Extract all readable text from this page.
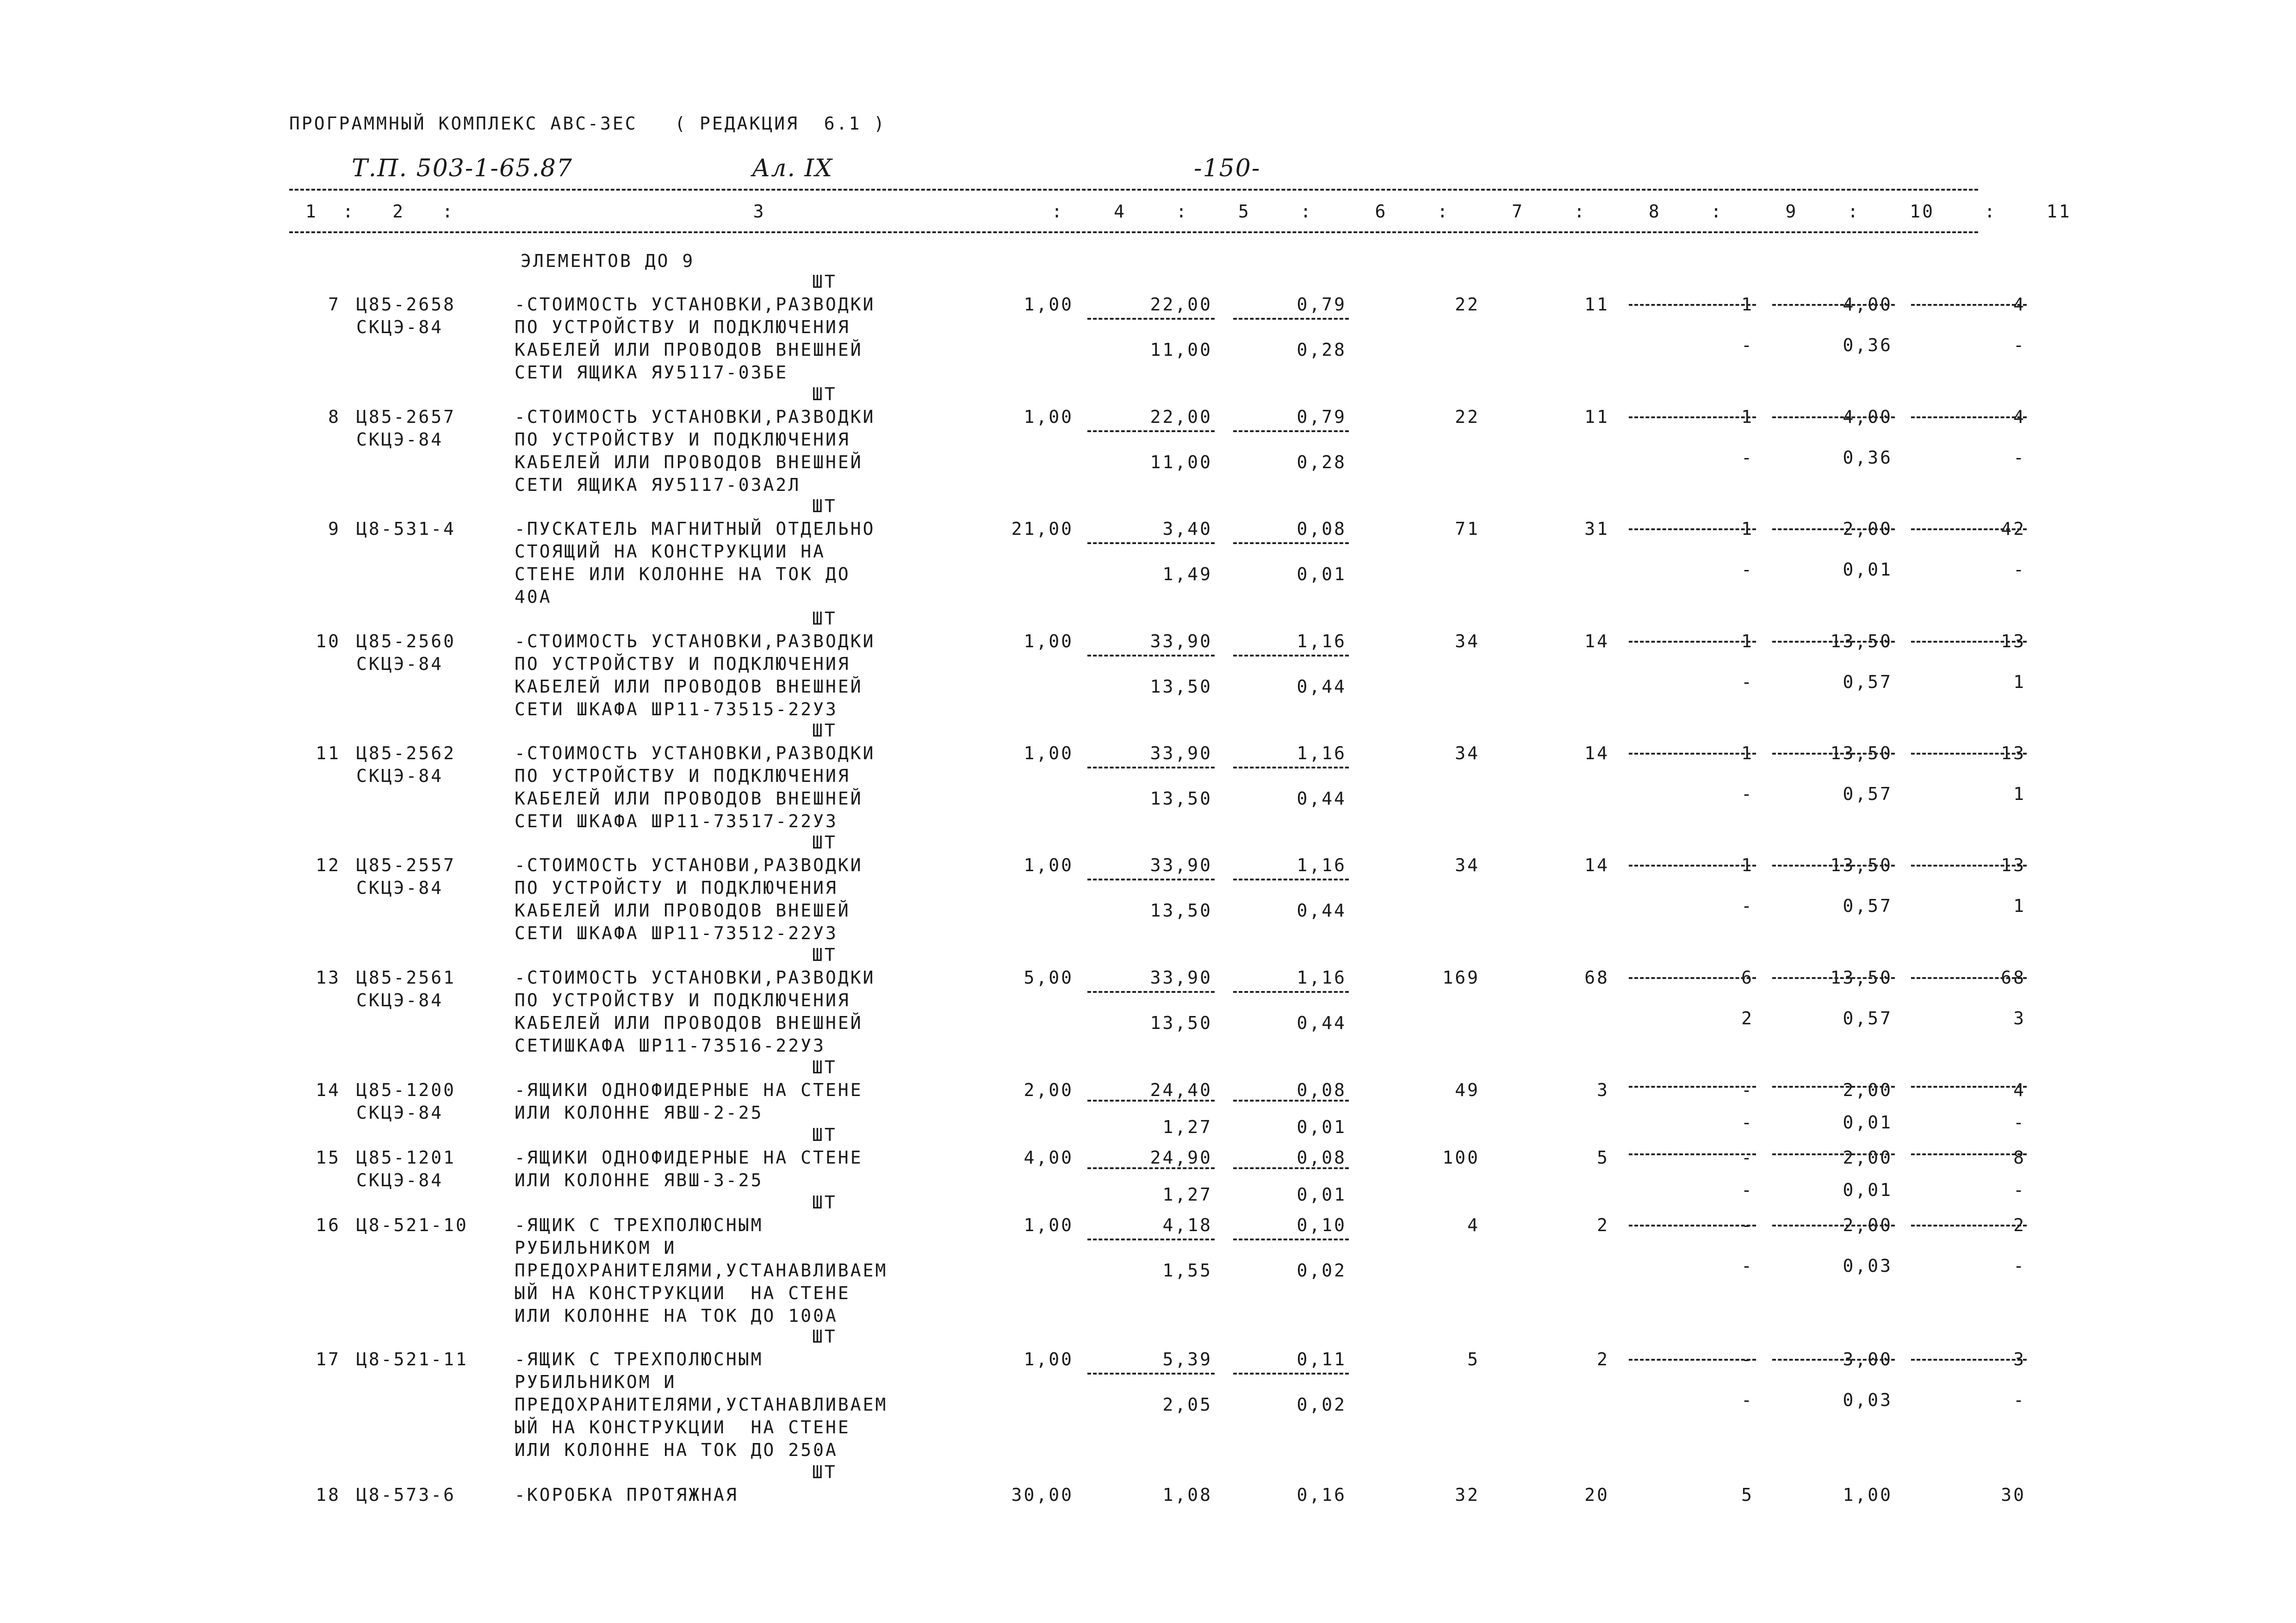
ПРОГРАММНЫЙ КОМПЛЕКС АВС-ЗЕС   ( РЕДАКЦИЯ  6.1 )
Т.П. 503-1-65.87	Ал. IX	-150-
1  :   2   :                        3                       :    4    :    5    :     6    :     7    :     8    :     9    :    10    :    11
ЭЛЕМЕНТОВ ДО 9
ШТ
7 Ц85-2658
СКЦЭ-84
-СТОИМОСТЬ УСТАНОВКИ,РАЗВОДКИ
ПО УСТРОЙСТВУ И ПОДКЛЮЧЕНИЯ
КАБЕЛЕЙ ИЛИ ПРОВОДОВ ВНЕШНЕЙ
СЕТИ ЯЩИКА ЯУ5117-03БЕ
1,00	22,00	0,79	22	11	1	4,00	4
11,00	0,28	-	0,36	-
ШТ
8 Ц85-2657
СКЦЭ-84
-СТОИМОСТЬ УСТАНОВКИ,РАЗВОДКИ
ПО УСТРОЙСТВУ И ПОДКЛЮЧЕНИЯ
КАБЕЛЕЙ ИЛИ ПРОВОДОВ ВНЕШНЕЙ
СЕТИ ЯЩИКА ЯУ5117-03А2Л
1,00	22,00	0,79	22	11	1	4,00	4
11,00	0,28	-	0,36	-
ШТ
9 Ц8-531-4	-ПУСКАТЕЛЬ МАГНИТНЫЙ ОТДЕЛЬНО
СТОЯЩИЙ НА КОНСТРУКЦИИ НА
СТЕНЕ ИЛИ КОЛОННЕ НА ТОК ДО
40А
21,00	3,40	0,08	71	31	1	2,00	42
1,49	0,01	-	0,01	-
ШТ
10 Ц85-2560
СКЦЭ-84
-СТОИМОСТЬ УСТАНОВКИ,РАЗВОДКИ
ПО УСТРОЙСТВУ И ПОДКЛЮЧЕНИЯ
КАБЕЛЕЙ ИЛИ ПРОВОДОВ ВНЕШНЕЙ
СЕТИ ШКАФА ШР11-73515-22У3
1,00	33,90	1,16	34	14	1	13,50	13
13,50	0,44	-	0,57	1
ШТ
11 Ц85-2562
СКЦЭ-84
-СТОИМОСТЬ УСТАНОВКИ,РАЗВОДКИ
ПО УСТРОЙСТВУ И ПОДКЛЮЧЕНИЯ
КАБЕЛЕЙ ИЛИ ПРОВОДОВ ВНЕШНЕЙ
СЕТИ ШКАФА ШР11-73517-22У3
1,00	33,90	1,16	34	14	1	13,50	13
13,50	0,44	-	0,57	1
ШТ
12 Ц85-2557
СКЦЭ-84
-СТОИМОСТЬ УСТАНОВИ,РАЗВОДКИ
ПО УСТРОЙСТУ И ПОДКЛЮЧЕНИЯ
КАБЕЛЕЙ ИЛИ ПРОВОДОВ ВНЕШЕЙ
СЕТИ ШКАФА ШР11-73512-22У3
1,00	33,90	1,16	34	14	1	13,50	13
13,50	0,44	-	0,57	1
ШТ
13 Ц85-2561
СКЦЭ-84
-СТОИМОСТЬ УСТАНОВКИ,РАЗВОДКИ
ПО УСТРОЙСТВУ И ПОДКЛЮЧЕНИЯ
КАБЕЛЕЙ ИЛИ ПРОВОДОВ ВНЕШНЕЙ
СЕТИШКАФА ШР11-73516-22У3
5,00	33,90	1,16	169	68	6	13,50	68
13,50	0,44	2	0,57	3
ШТ
14 Ц85-1200
СКЦЭ-84
-ЯЩИКИ ОДНОФИДЕРНЫЕ НА СТЕНЕ
ИЛИ КОЛОННЕ ЯВШ-2-25
2,00	24,40	0,08	49	3	-	2,00	4
1,27	0,01	-	0,01	-
ШТ
15 Ц85-1201
СКЦЭ-84
-ЯЩИКИ ОДНОФИДЕРНЫЕ НА СТЕНЕ
ИЛИ КОЛОННЕ ЯВШ-3-25
4,00	24,90	0,08	100	5	-	2,00	8
1,27	0,01	-	0,01	-
ШТ
16 Ц8-521-10	-ЯЩИК С ТРЕХПОЛЮСНЫМ
РУБИЛЬНИКОМ И
ПРЕДОХРАНИТЕЛЯМИ,УСТАНАВЛИВАЕМ
ЫЙ НА КОНСТРУКЦИИ  НА СТЕНЕ
ИЛИ КОЛОННЕ НА ТОК ДО 100А
1,00	4,18	0,10	4	2	-	2,00	2
1,55	0,02	-	0,03	-
ШТ
17 Ц8-521-11	-ЯЩИК С ТРЕХПОЛЮСНЫМ
РУБИЛЬНИКОМ И
ПРЕДОХРАНИТЕЛЯМИ,УСТАНАВЛИВАЕМ
ЫЙ НА КОНСТРУКЦИИ  НА СТЕНЕ
ИЛИ КОЛОННЕ НА ТОК ДО 250А
1,00	5,39	0,11	5	2	-	3,00	3
2,05	0,02	-	0,03	-
ШТ
18 Ц8-573-6	-КОРОБКА ПРОТЯЖНАЯ	30,00	1,08	0,16	32	20	5	1,00	30
